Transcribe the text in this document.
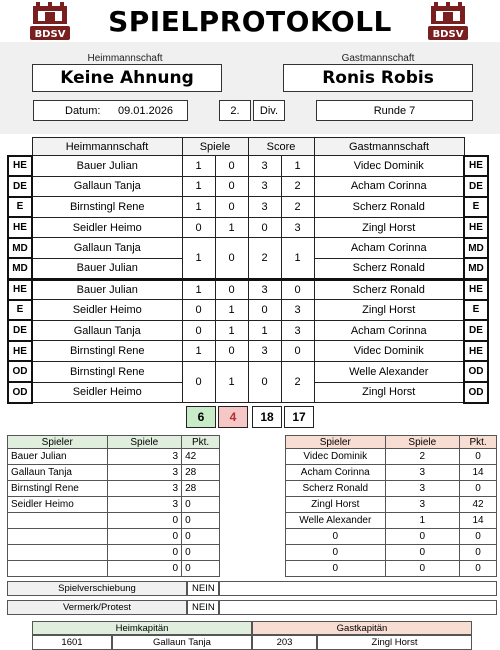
BDSV	BDSV
SPIELPROTOKOLL
Heimmannschaft	Gastmannschaft
Keine Ahnung	Ronis Robis
Datum: 09.01.2026	2.	Div.	Runde 7
	Heimmannschaft	Spiele		Score		Gastmannschaft	
HE	Bauer Julian	1	0	3	1	Videc Dominik	HE
DE	Gallaun Tanja	1	0	3	2	Acham Corinna	DE
E	Birnstingl Rene	1	0	3	2	Scherz Ronald	E
HE	Seidler Heimo	0	1	0	3	Zingl Horst	HE
MD	Gallaun Tanja	1	0	2	1	Acham Corinna	MD
MD	Bauer Julian					Scherz Ronald	MD
HE	Bauer Julian	1	0	3	0	Scherz Ronald	HE
E	Seidler Heimo	0	1	0	3	Zingl Horst	E
DE	Gallaun Tanja	0	1	1	3	Acham Corinna	DE
HE	Birnstingl Rene	1	0	3	0	Videc Dominik	HE
OD	Birnstingl Rene	0	1	0	2	Welle Alexander	OD
OD	Seidler Heimo					Zingl Horst	OD
6	4	18	17
Spieler	Spiele	Pkt.
Bauer Julian	3	42
Gallaun Tanja	3	28
Birnstingl Rene	3	28
Seidler Heimo	3	0
	0	0
	0	0
	0	0
	0	0
Spieler	Spiele	Pkt.
Videc Dominik	2	0
Acham Corinna	3	14
Scherz Ronald	3	0
Zingl Horst	3	42
Welle Alexander	1	14
0	0	0
0	0	0
0	0	0
Spielverschiebung	NEIN
Vermerk/Protest	NEIN
Heimkapitän	Gastkapitän
1601	Gallaun Tanja	203	Zingl Horst
